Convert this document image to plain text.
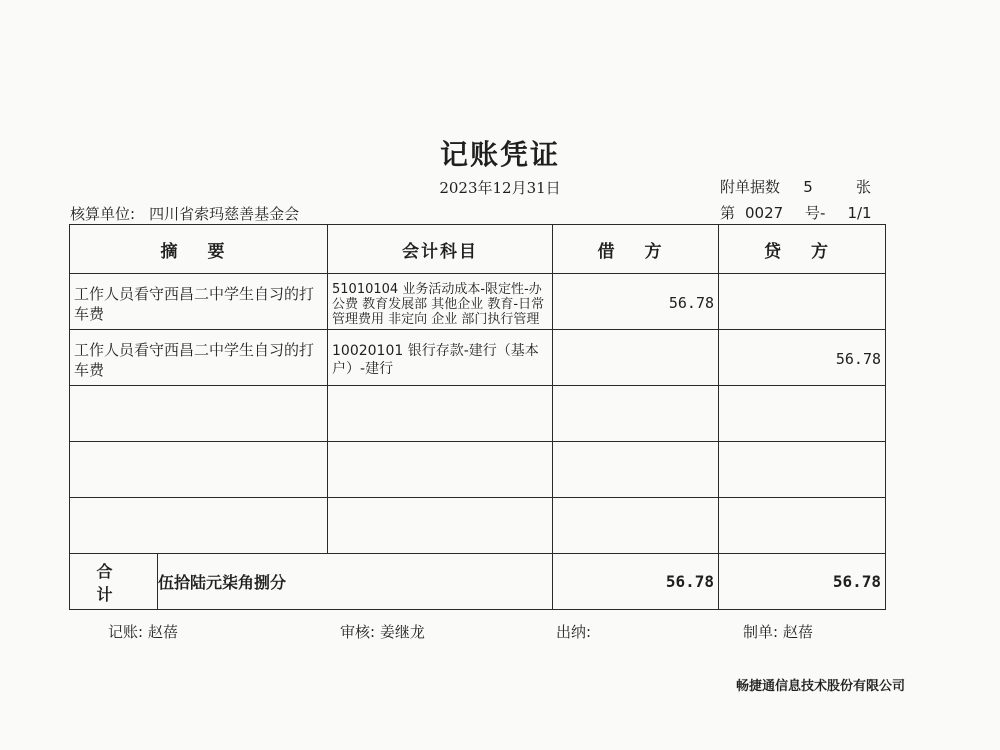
记账凭证
2023年12月31日	附单据数 5	张
核算单位: 四川省索玛慈善基金会	第 0027 号- 1/1
摘 要		会计科目	借 方	贷 方

工作人员看守西昌二中学生自习的打车费		51010104 业务活动成本-限定性-办公费 教育发展部 其他企业 教育-日常管理费用 非定向 企业 部门执行管理	56.78	

工作人员看守西昌二中学生自习的打车费		10020101 银行存款-建行（基本户）-建行		56.78

合 计	伍拾陆元柒角捌分		56.78	56.78
记账: 赵蓓	审核: 姜继龙	出纳:	制单: 赵蓓
畅捷通信息技术股份有限公司
